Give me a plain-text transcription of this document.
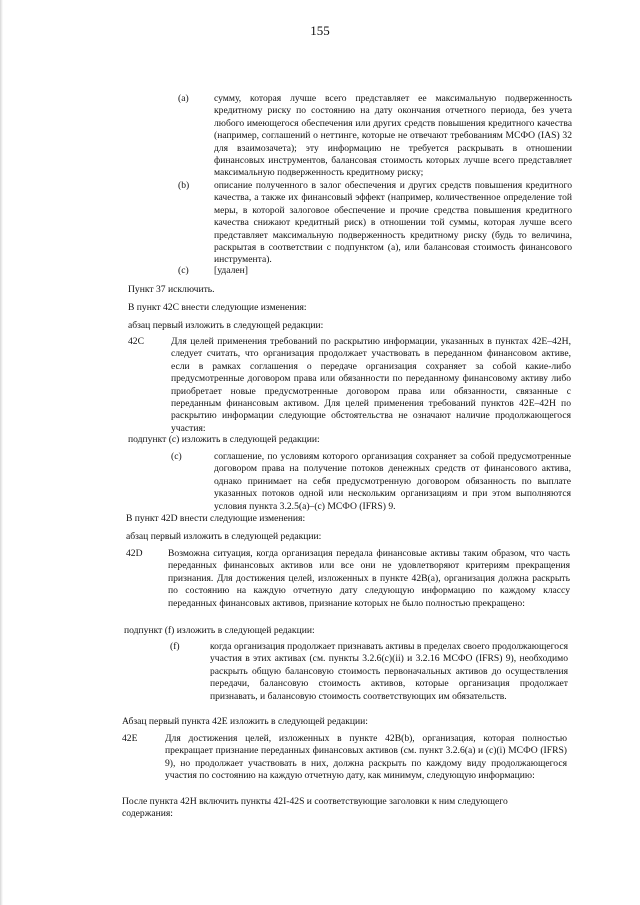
155
(a)	сумму, которая лучше всего представляет ее максимальную подверженность кредитному риску по состоянию на дату окончания отчетного периода, без учета любого имеющегося обеспечения или других средств повышения кредитного качества (например, соглашений о неттинге, которые не отвечают требованиям МСФО (IAS) 32 для взаимозачета); эту информацию не требуется раскрывать в отношении финансовых инструментов, балансовая стоимость которых лучше всего представляет максимальную подверженность кредитному риску;

(b)	описание полученного в залог обеспечения и других средств повышения кредитного качества, а также их финансовый эффект (например, количественное определение той меры, в которой залоговое обеспечение и прочие средства повышения кредитного качества снижают кредитный риск) в отношении той суммы, которая лучше всего представляет максимальную подверженность кредитному риску (будь то величина, раскрытая в соответствии с подпунктом (а), или балансовая стоимость финансового инструмента).

(c)	[удален]

Пункт 37 исключить.

В пункт 42C внести следующие изменения:

абзац первый изложить в следующей редакции:

42C	Для целей применения требований по раскрытию информации, указанных в пунктах 42E–42H, следует считать, что организация продолжает участвовать в переданном финансовом активе, если в рамках соглашения о передаче организация сохраняет за собой какие-либо предусмотренные договором права или обязанности по переданному финансовому активу либо приобретает новые предусмотренные договором права или обязанности, связанные с переданным финансовым активом. Для целей применения требований пунктов 42E–42H по раскрытию информации следующие обстоятельства не означают наличие продолжающегося участия:

подпункт (c) изложить в следующей редакции:

(c)	соглашение, по условиям которого организация сохраняет за собой предусмотренные договором права на получение потоков денежных средств от финансового актива, однако принимает на себя предусмотренную договором обязанность по выплате указанных потоков одной или нескольким организациям и при этом выполняются условия пункта 3.2.5(a)–(c) МСФО (IFRS) 9.

В пункт 42D внести следующие изменения:

абзац первый изложить в следующей редакции:

42D	Возможна ситуация, когда организация передала финансовые активы таким образом, что часть переданных финансовых активов или все они не удовлетворяют критериям прекращения признания. Для достижения целей, изложенных в пункте 42B(a), организация должна раскрыть по состоянию на каждую отчетную дату следующую информацию по каждому классу переданных финансовых активов, признание которых не было полностью прекращено:

подпункт (f) изложить в следующей редакции:

(f)	когда организация продолжает признавать активы в пределах своего продолжающегося участия в этих активах (см. пункты 3.2.6(c)(ii) и 3.2.16 МСФО (IFRS) 9), необходимо раскрыть общую балансовую стоимость первоначальных активов до осуществления передачи, балансовую стоимость активов, которые организация продолжает признавать, и балансовую стоимость соответствующих им обязательств.

Абзац первый пункта 42E изложить в следующей редакции:

42E	Для достижения целей, изложенных в пункте 42B(b), организация, которая полностью прекращает признание переданных финансовых активов (см. пункт 3.2.6(a) и (c)(i) МСФО (IFRS) 9), но продолжает участвовать в них, должна раскрыть по каждому виду продолжающегося участия по состоянию на каждую отчетную дату, как минимум, следующую информацию:

После пункта 42H включить пункты 42I-42S и соответствующие заголовки к ним следующего
содержания:
